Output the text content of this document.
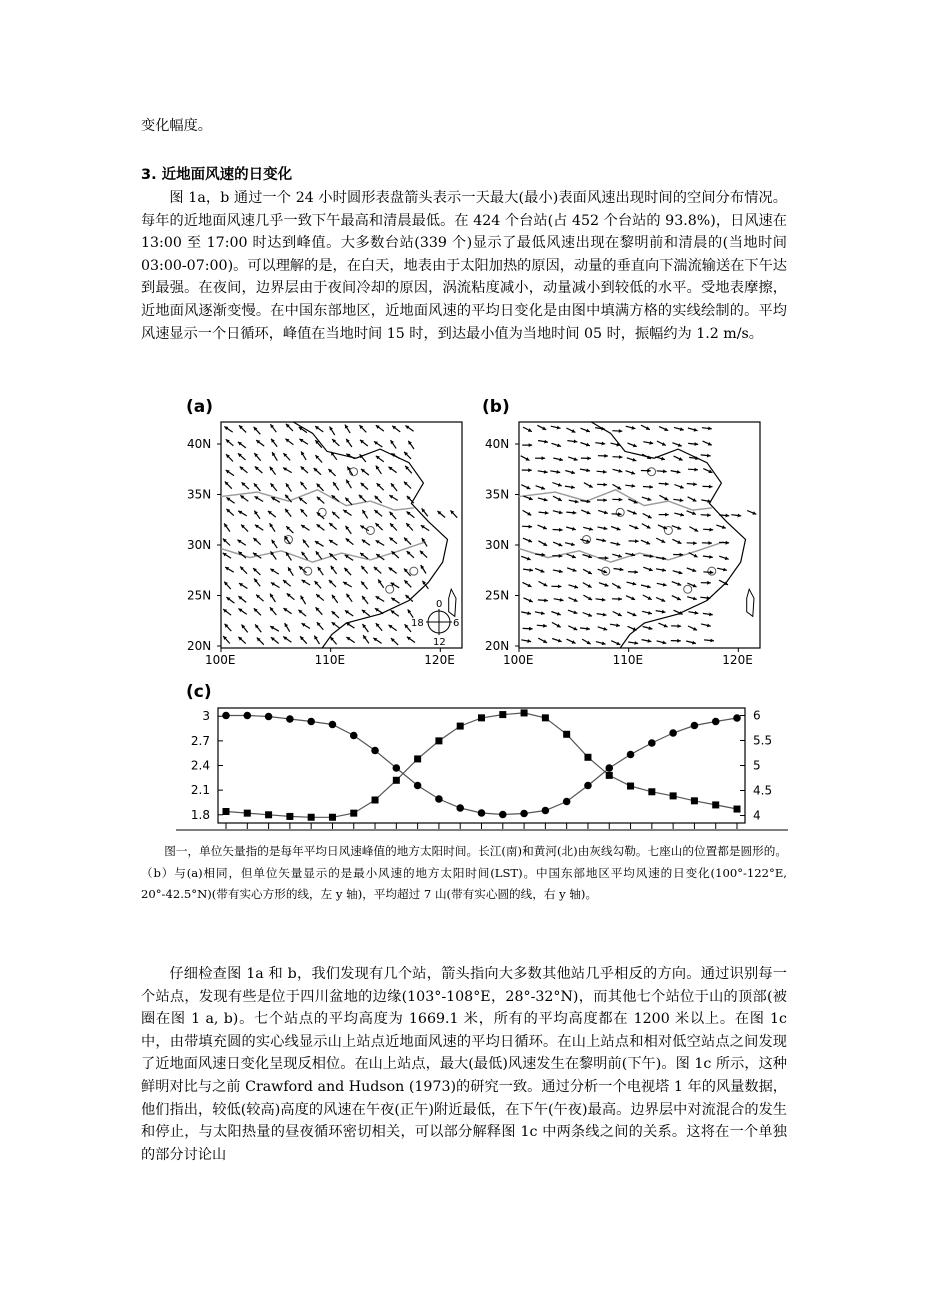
变化幅度。
3. 近地面风速的日变化
图 1a，b 通过一个 24 小时圆形表盘箭头表示一天最大(最小)表面风速出现时间的空间分布情况。每年的近地面风速几乎一致下午最高和清晨最低。在 424 个台站(占 452 个台站的 93.8%)，日风速在 13:00 至 17:00 时达到峰值。大多数台站(339 个)显示了最低风速出现在黎明前和清晨的(当地时间 03:00-07:00)。可以理解的是，在白天，地表由于太阳加热的原因，动量的垂直向下湍流输送在下午达到最强。在夜间，边界层由于夜间冷却的原因，涡流粘度减小，动量减小到较低的水平。受地表摩擦，近地面风逐渐变慢。在中国东部地区，近地面风速的平均日变化是由图中填满方格的实线绘制的。平均风速显示一个日循环，峰值在当地时间 15 时，到达最小值为当地时间 05 时，振幅约为 1.2 m/s。
(a)
40N
35N
30N
25N
20N
100E	110E	120E
0
18	6
12
(b)
40N
35N
30N
25N
20N
100E	110E	120E
(c)
1.8
2.1
2.4
2.7
3
4
4.5
5
5.5
6
图一，单位矢量指的是每年平均日风速峰值的地方太阳时间。长江(南)和黄河(北)由灰线勾勒。七座山的位置都是圆形的。（b）与(a)相同，但单位矢量显示的是最小风速的地方太阳时间(LST)。中国东部地区平均风速的日变化(100°-122°E, 20°-42.5°N)(带有实心方形的线，左 y 轴)，平均超过 7 山(带有实心圆的线，右 y 轴)。
仔细检查图 1a 和 b，我们发现有几个站，箭头指向大多数其他站几乎相反的方向。通过识别每一个站点，发现有些是位于四川盆地的边缘(103°-108°E，28°-32°N)，而其他七个站位于山的顶部(被圈在图 1 a, b)。七个站点的平均高度为 1669.1 米，所有的平均高度都在 1200 米以上。在图 1c 中，由带填充圆的实心线显示山上站点近地面风速的平均日循环。在山上站点和相对低空站点之间发现了近地面风速日变化呈现反相位。在山上站点，最大(最低)风速发生在黎明前(下午)。图 1c 所示，这种鲜明对比与之前 Crawford and Hudson (1973)的研究一致。通过分析一个电视塔 1 年的风量数据，他们指出，较低(较高)高度的风速在午夜(正午)附近最低，在下午(午夜)最高。边界层中对流混合的发生和停止，与太阳热量的昼夜循环密切相关，可以部分解释图 1c 中两条线之间的关系。这将在一个单独的部分讨论山
